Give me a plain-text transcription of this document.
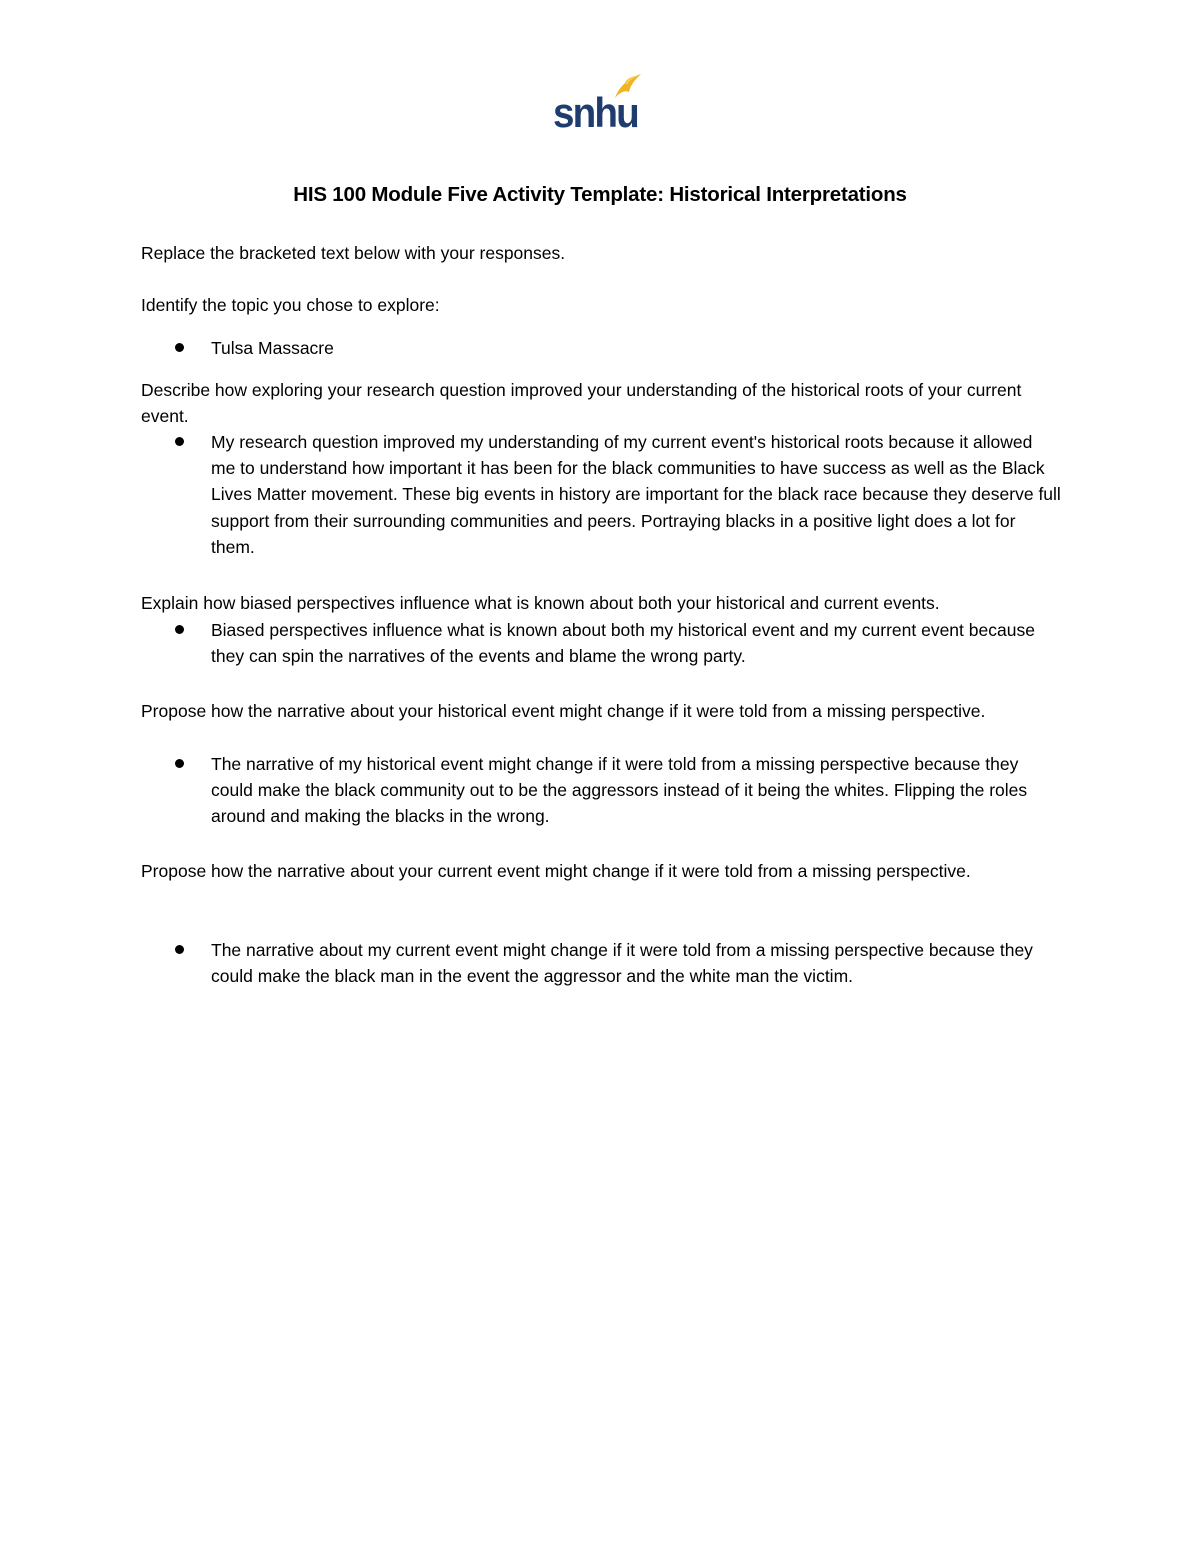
snhu
HIS 100 Module Five Activity Template: Historical Interpretations

Replace the bracketed text below with your responses.

Identify the topic you chose to explore:

Tulsa Massacre

Describe how exploring your research question improved your understanding of the historical roots of your current event.

My research question improved my understanding of my current event's historical roots because it allowed me to understand how important it has been for the black communities to have success as well as the Black Lives Matter movement. These big events in history are important for the black race because they deserve full support from their surrounding communities and peers. Portraying blacks in a positive light does a lot for them.

Explain how biased perspectives influence what is known about both your historical and current events.

Biased perspectives influence what is known about both my historical event and my current event because they can spin the narratives of the events and blame the wrong party.

Propose how the narrative about your historical event might change if it were told from a missing perspective.

The narrative of my historical event might change if it were told from a missing perspective because they could make the black community out to be the aggressors instead of it being the whites. Flipping the roles around and making the blacks in the wrong.

Propose how the narrative about your current event might change if it were told from a missing perspective.

The narrative about my current event might change if it were told from a missing perspective because they could make the black man in the event the aggressor and the white man the victim.
